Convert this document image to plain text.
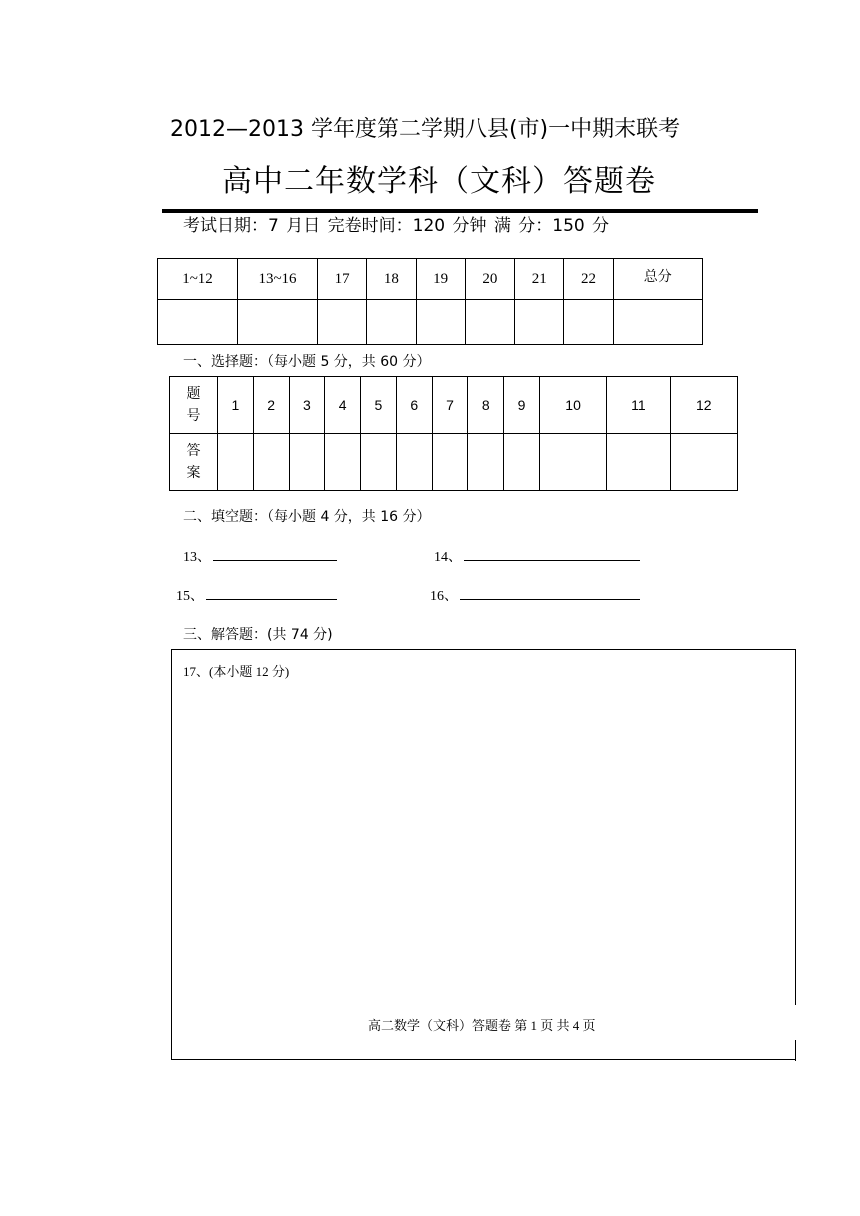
2012—2013 学年度第二学期八县(市)一中期末联考
高中二年数学科（文科）答题卷
考试日期：7 月日 完卷时间：120 分钟 满 分：150 分
1~12	13~16	17	18	19	20	21	22	总分

一、选择题：（每小题 5 分，共 60 分）
题
号	1	2	3	4	5	6	7	8	9	10	11	12
答
案												
二、填空题：（每小题 4 分，共 16 分）
13、	14、
15、	16、
三、解答题：(共 74 分)
17、(本小题 12 分)
高二数学（文科）答题卷 第 1 页 共 4 页
